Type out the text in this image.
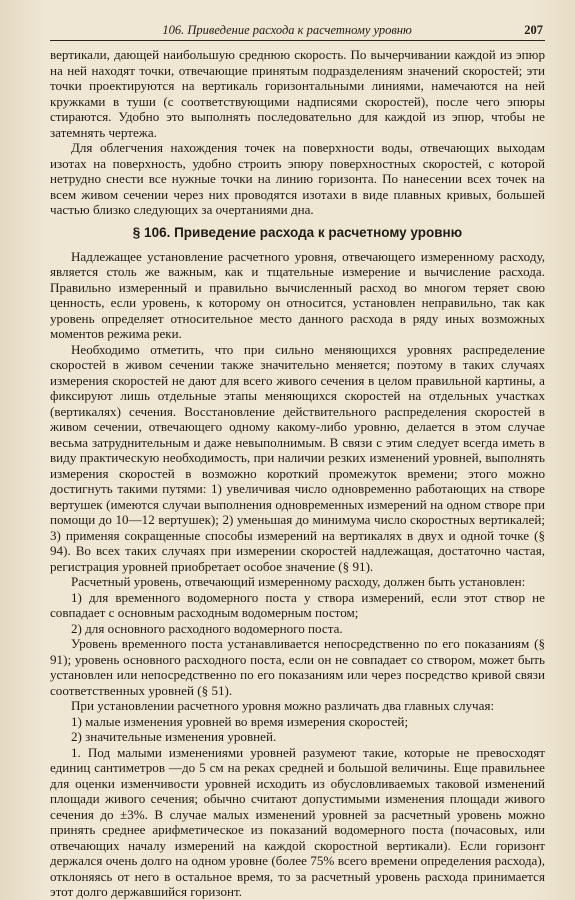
106. Приведение расхода к расчетному уровню	207

вертикали, дающей наибольшую среднюю скорость. По вычерчивании каждой из эпюр на ней находят точки, отвечающие принятым подразделениям значений скоростей; эти точки проектируются на вертикаль горизонтальными линиями, намечаются на ней кружками в туши (с соответствующими надписями скоростей), после чего эпюры стираются. Удобно это выполнять последовательно для каждой из эпюр, чтобы не затемнять чертежа.

Для облегчения нахождения точек на поверхности воды, отвечающих выходам изотах на поверхность, удобно строить эпюру поверхностных скоростей, с которой нетрудно снести все нужные точки на линию горизонта. По нанесении всех точек на всем живом сечении через них проводятся изотахи в виде плавных кривых, большей частью близко следующих за очертаниями дна.

§ 106. Приведение расхода к расчетному уровню

Надлежащее установление расчетного уровня, отвечающего измеренному расходу, является столь же важным, как и тщательные измерение и вычисление расхода. Правильно измеренный и правильно вычисленный расход во многом теряет свою ценность, если уровень, к которому он относится, установлен неправильно, так как уровень определяет относительное место данного расхода в ряду иных возможных моментов режима реки.

Необходимо отметить, что при сильно меняющихся уровнях распределение скоростей в живом сечении также значительно меняется; поэтому в таких случаях измерения скоростей не дают для всего живого сечения в целом правильной картины, а фиксируют лишь отдельные этапы меняющихся скоростей на отдельных участках (вертикалях) сечения. Восстановление действительного распределения скоростей в живом сечении, отвечающего одному какому-либо уровню, делается в этом случае весьма затруднительным и даже невыполнимым. В связи с этим следует всегда иметь в виду практическую необходимость, при наличии резких изменений уровней, выполнять измерения скоростей в возможно короткий промежуток времени; этого можно достигнуть такими путями: 1) увеличивая число одновременно работающих на створе вертушек (имеются случаи выполнения одновременных измерений на одном створе при помощи до 10—12 вертушек); 2) уменьшая до минимума число скоростных вертикалей; 3) применяя сокращенные способы измерений на вертикалях в двух и одной точке (§ 94). Во всех таких случаях при измерении скоростей надлежащая, достаточно частая, регистрация уровней приобретает особое значение (§ 91).

Расчетный уровень, отвечающий измеренному расходу, должен быть установлен:

1) для временного водомерного поста у створа измерений, если этот створ не совпадает с основным расходным водомерным постом;

2) для основного расходного водомерного поста.

Уровень временного поста устанавливается непосредственно по его показаниям (§ 91); уровень основного расходного поста, если он не совпадает со створом, может быть установлен или непосредственно по его показаниям или через посредство кривой связи соответственных уровней (§ 51).

При установлении расчетного уровня можно различать два главных случая:

1) малые изменения уровней во время измерения скоростей;

2) значительные изменения уровней.

1. Под малыми изменениями уровней разумеют такие, которые не превосходят единиц сантиметров —до 5 см на реках средней и большой величины. Еще правильнее для оценки изменчивости уровней исходить из обусловливаемых таковой изменений площади живого сечения; обычно считают допустимыми изменения площади живого сечения до ±3%. В случае малых изменений уровней за расчетный уровень можно принять среднее арифметическое из показаний водомерного поста (почасовых, или отвечающих началу измерений на каждой скоростной вертикали). Если горизонт держался очень долго на одном уровне (более 75% всего времени определения расхода), отклоняясь от него в остальное время, то за расчетный уровень расхода принимается этот долго державшийся горизонт.
